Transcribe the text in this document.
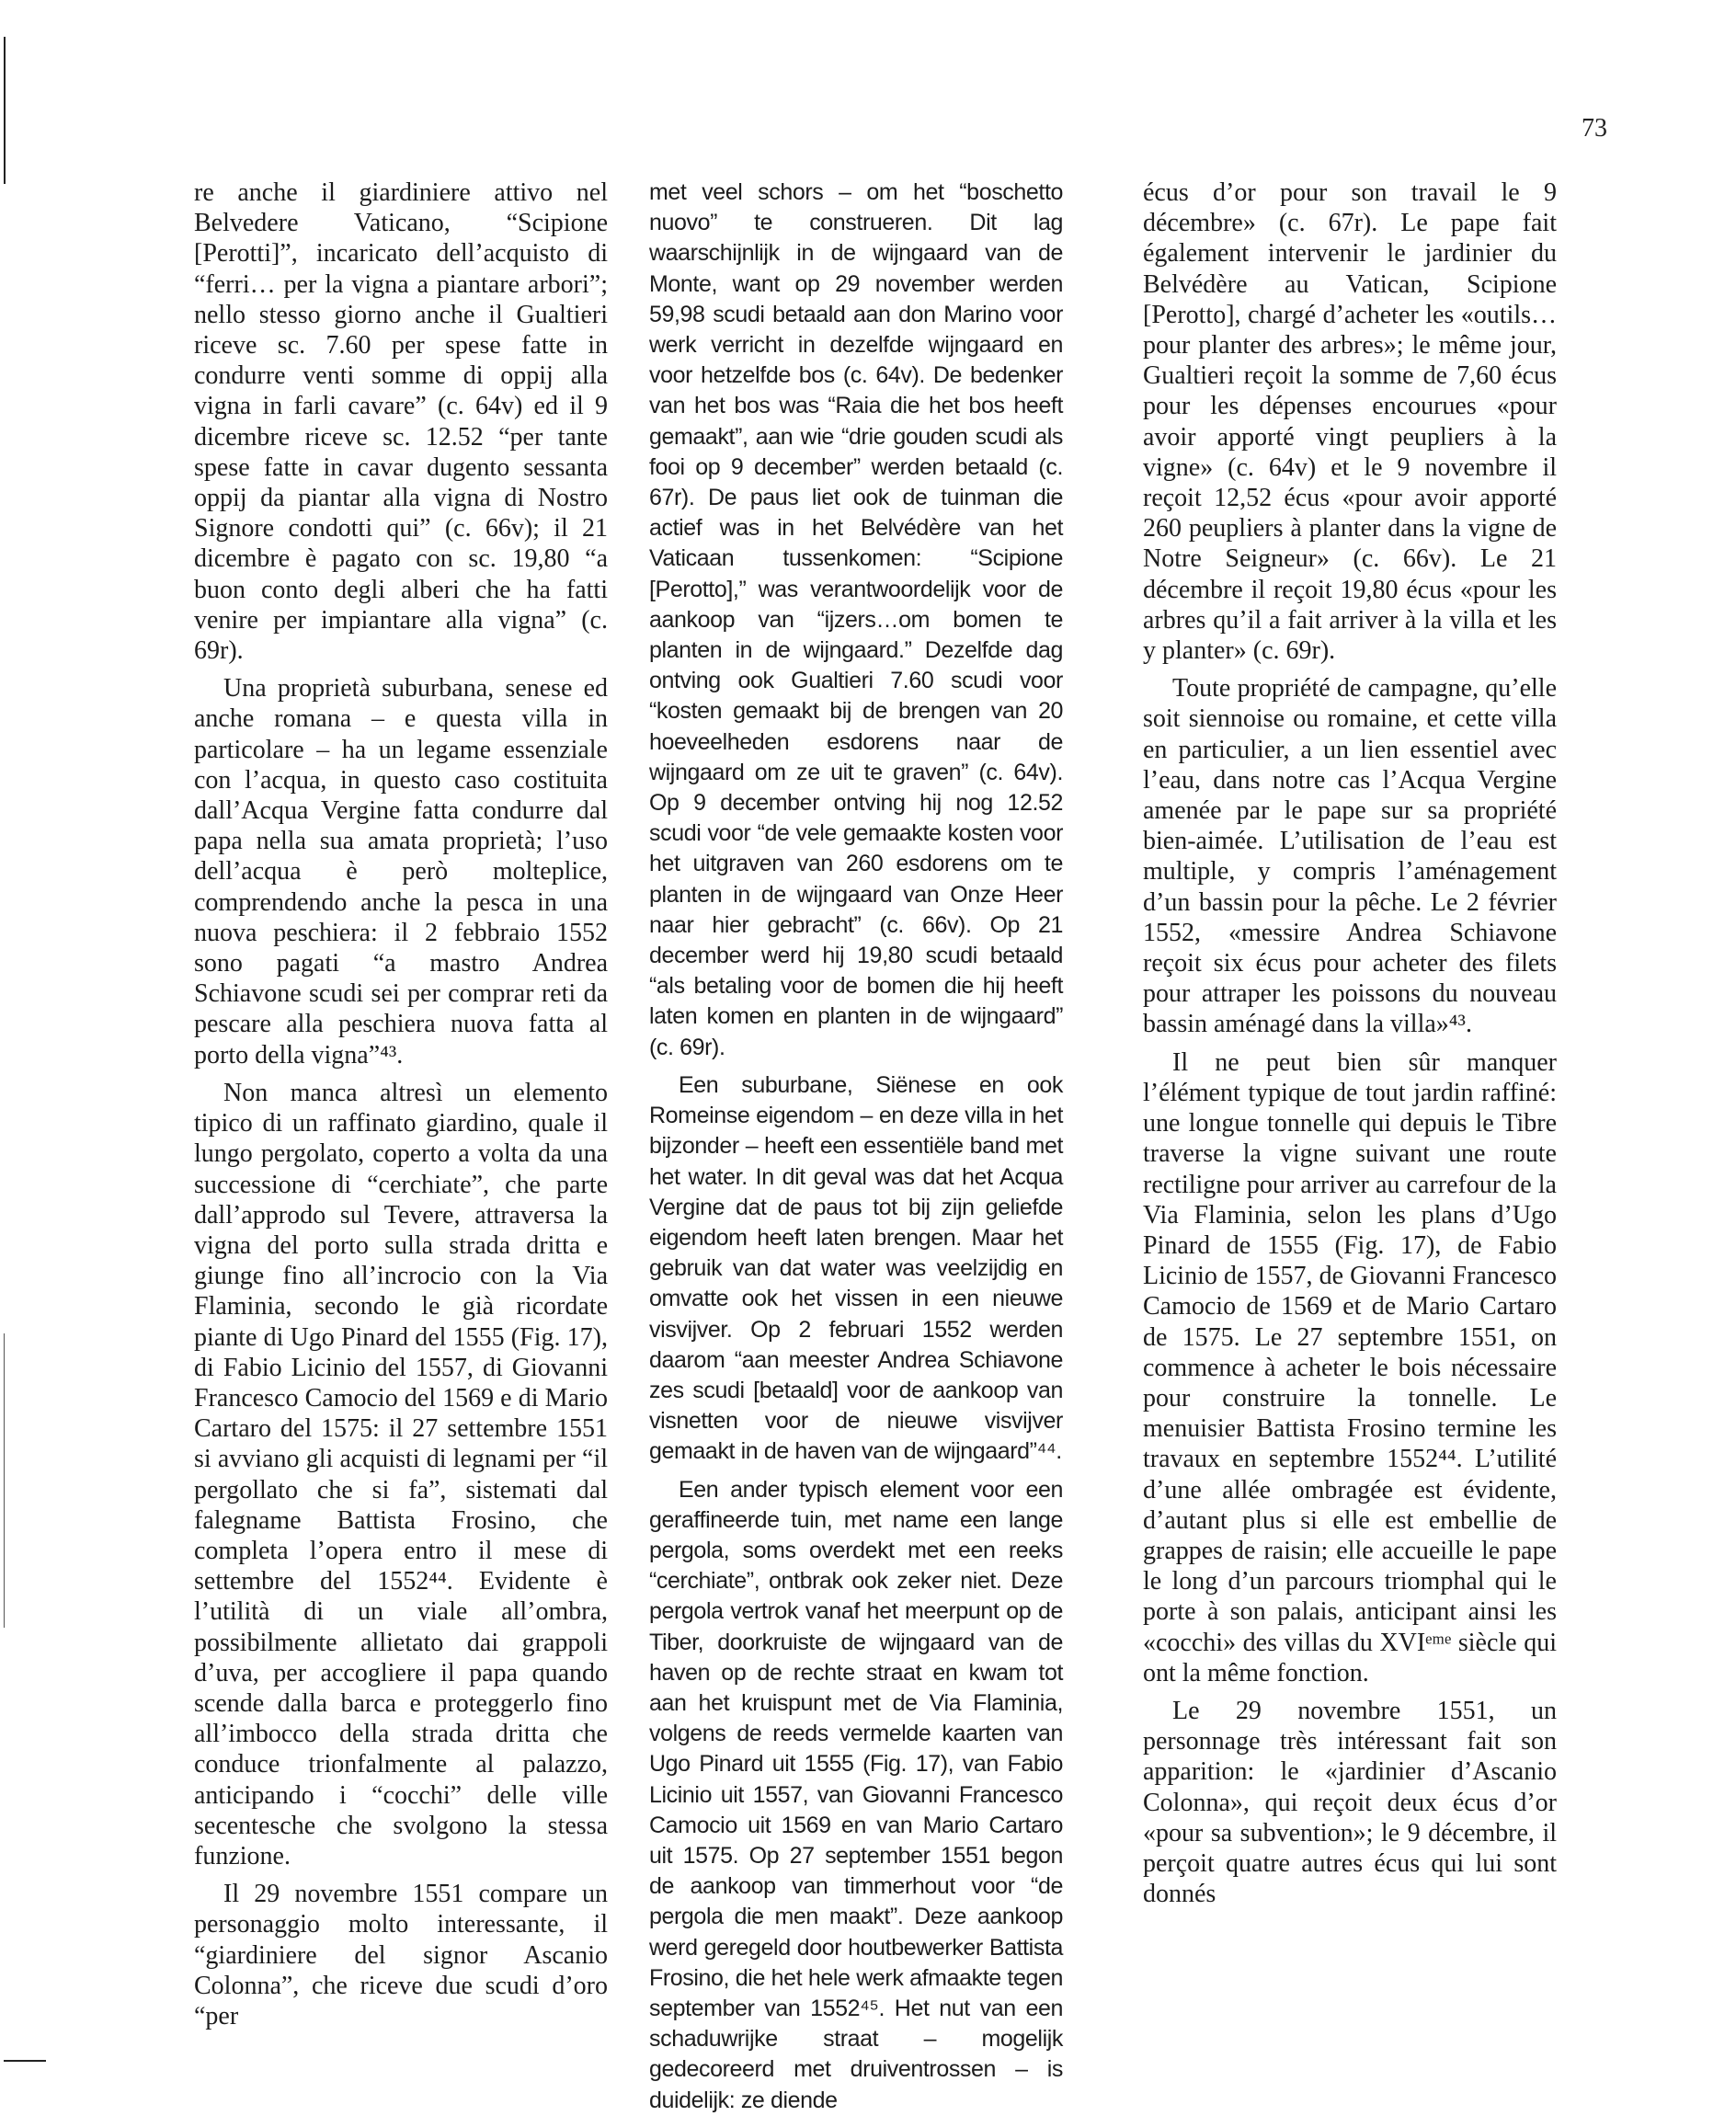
73

re anche il giardiniere attivo nel Belvedere Vaticano, “Scipione [Perotti]”, incaricato dell’acquisto di “ferri… per la vigna a piantare arbori”; nello stesso giorno anche il Gualtieri riceve sc. 7.60 per spese fatte in condurre venti somme di oppij alla vigna in farli cavare” (c. 64v) ed il 9 dicembre riceve sc. 12.52 “per tante spese fatte in cavar dugento sessanta oppij da piantar alla vigna di Nostro Signore condotti qui” (c. 66v); il 21 dicembre è pagato con sc. 19,80 “a buon conto degli alberi che ha fatti venire per impiantare alla vigna” (c. 69r).

Una proprietà suburbana, senese ed anche romana – e questa villa in particolare – ha un legame essenziale con l’acqua, in questo caso costituita dall’Acqua Vergine fatta condurre dal papa nella sua amata proprietà; l’uso dell’acqua è però molteplice, comprendendo anche la pesca in una nuova peschiera: il 2 febbraio 1552 sono pagati “a mastro Andrea Schiavone scudi sei per comprar reti da pescare alla peschiera nuova fatta al porto della vigna”⁴³.

Non manca altresì un elemento tipico di un raffinato giardino, quale il lungo pergolato, coperto a volta da una successione di “cerchiate”, che parte dall’approdo sul Tevere, attraversa la vigna del porto sulla strada dritta e giunge fino all’incrocio con la Via Flaminia, secondo le già ricordate piante di Ugo Pinard del 1555 (Fig. 17), di Fabio Licinio del 1557, di Giovanni Francesco Camocio del 1569 e di Mario Cartaro del 1575: il 27 settembre 1551 si avviano gli acquisti di legnami per “il pergollato che si fa”, sistemati dal falegname Battista Frosino, che completa l’opera entro il mese di settembre del 1552⁴⁴. Evidente è l’utilità di un viale all’ombra, possibilmente allietato dai grappoli d’uva, per accogliere il papa quando scende dalla barca e proteggerlo fino all’imbocco della strada dritta che conduce trionfalmente al palazzo, anticipando i “cocchi” delle ville secentesche che svolgono la stessa funzione.

Il 29 novembre 1551 compare un personaggio molto interessante, il “giardiniere del signor Ascanio Colonna”, che riceve due scudi d’oro “per

met veel schors – om het “boschetto nuovo” te construeren. Dit lag waarschijnlijk in de wijngaard van de Monte, want op 29 november werden 59,98 scudi betaald aan don Marino voor werk verricht in dezelfde wijngaard en voor hetzelfde bos (c. 64v). De bedenker van het bos was “Raia die het bos heeft gemaakt”, aan wie “drie gouden scudi als fooi op 9 december” werden betaald (c. 67r). De paus liet ook de tuinman die actief was in het Belvédère van het Vaticaan tussenkomen: “Scipione [Perotto],” was verantwoordelijk voor de aankoop van “ijzers…om bomen te planten in de wijngaard.” Dezelfde dag ontving ook Gualtieri 7.60 scudi voor “kosten gemaakt bij de brengen van 20 hoeveelheden esdorens naar de wijngaard om ze uit te graven” (c. 64v). Op 9 december ontving hij nog 12.52 scudi voor “de vele gemaakte kosten voor het uitgraven van 260 esdorens om te planten in de wijngaard van Onze Heer naar hier gebracht” (c. 66v). Op 21 december werd hij 19,80 scudi betaald “als betaling voor de bomen die hij heeft laten komen en planten in de wijngaard” (c. 69r).

Een suburbane, Siënese en ook Romeinse eigendom – en deze villa in het bijzonder – heeft een essentiële band met het water. In dit geval was dat het Acqua Vergine dat de paus tot bij zijn geliefde eigendom heeft laten brengen. Maar het gebruik van dat water was veelzijdig en omvatte ook het vissen in een nieuwe visvijver. Op 2 februari 1552 werden daarom “aan meester Andrea Schiavone zes scudi [betaald] voor de aankoop van visnetten voor de nieuwe visvijver gemaakt in de haven van de wijngaard”⁴⁴.

Een ander typisch element voor een geraffineerde tuin, met name een lange pergola, soms overdekt met een reeks “cerchiate”, ontbrak ook zeker niet. Deze pergola vertrok vanaf het meerpunt op de Tiber, doorkruiste de wijngaard van de haven op de rechte straat en kwam tot aan het kruispunt met de Via Flaminia, volgens de reeds vermelde kaarten van Ugo Pinard uit 1555 (Fig. 17), van Fabio Licinio uit 1557, van Giovanni Francesco Camocio uit 1569 en van Mario Cartaro uit 1575. Op 27 september 1551 begon de aankoop van timmerhout voor “de pergola die men maakt”. Deze aankoop werd geregeld door houtbewerker Battista Frosino, die het hele werk afmaakte tegen september van 1552⁴⁵. Het nut van een schaduwrijke straat – mogelijk gedecoreerd met druiventrossen – is duidelijk: ze diende

écus d’or pour son travail le 9 décembre» (c. 67r). Le pape fait également intervenir le jardinier du Belvédère au Vatican, Scipione [Perotto], chargé d’acheter les «outils… pour planter des arbres»; le même jour, Gualtieri reçoit la somme de 7,60 écus pour les dépenses encourues «pour avoir apporté vingt peupliers à la vigne» (c. 64v) et le 9 novembre il reçoit 12,52 écus «pour avoir apporté 260 peupliers à planter dans la vigne de Notre Seigneur» (c. 66v). Le 21 décembre il reçoit 19,80 écus «pour les arbres qu’il a fait arriver à la villa et les y planter» (c. 69r).

Toute propriété de campagne, qu’elle soit siennoise ou romaine, et cette villa en particulier, a un lien essentiel avec l’eau, dans notre cas l’Acqua Vergine amenée par le pape sur sa propriété bien-aimée. L’utilisation de l’eau est multiple, y compris l’aménagement d’un bassin pour la pêche. Le 2 février 1552, «messire Andrea Schiavone reçoit six écus pour acheter des filets pour attraper les poissons du nouveau bassin aménagé dans la villa»⁴³.

Il ne peut bien sûr manquer l’élément typique de tout jardin raffiné: une longue tonnelle qui depuis le Tibre traverse la vigne suivant une route rectiligne pour arriver au carrefour de la Via Flaminia, selon les plans d’Ugo Pinard de 1555 (Fig. 17), de Fabio Licinio de 1557, de Giovanni Francesco Camocio de 1569 et de Mario Cartaro de 1575. Le 27 septembre 1551, on commence à acheter le bois nécessaire pour construire la tonnelle. Le menuisier Battista Frosino termine les travaux en septembre 1552⁴⁴. L’utilité d’une allée ombragée est évidente, d’autant plus si elle est embellie de grappes de raisin; elle accueille le pape le long d’un parcours triomphal qui le porte à son palais, anticipant ainsi les «cocchi» des villas du XVIᵉᵐᵉ siècle qui ont la même fonction.

Le 29 novembre 1551, un personnage très intéressant fait son apparition: le «jardinier d’Ascanio Colonna», qui reçoit deux écus d’or «pour sa subvention»; le 9 décembre, il perçoit quatre autres écus qui lui sont donnés
